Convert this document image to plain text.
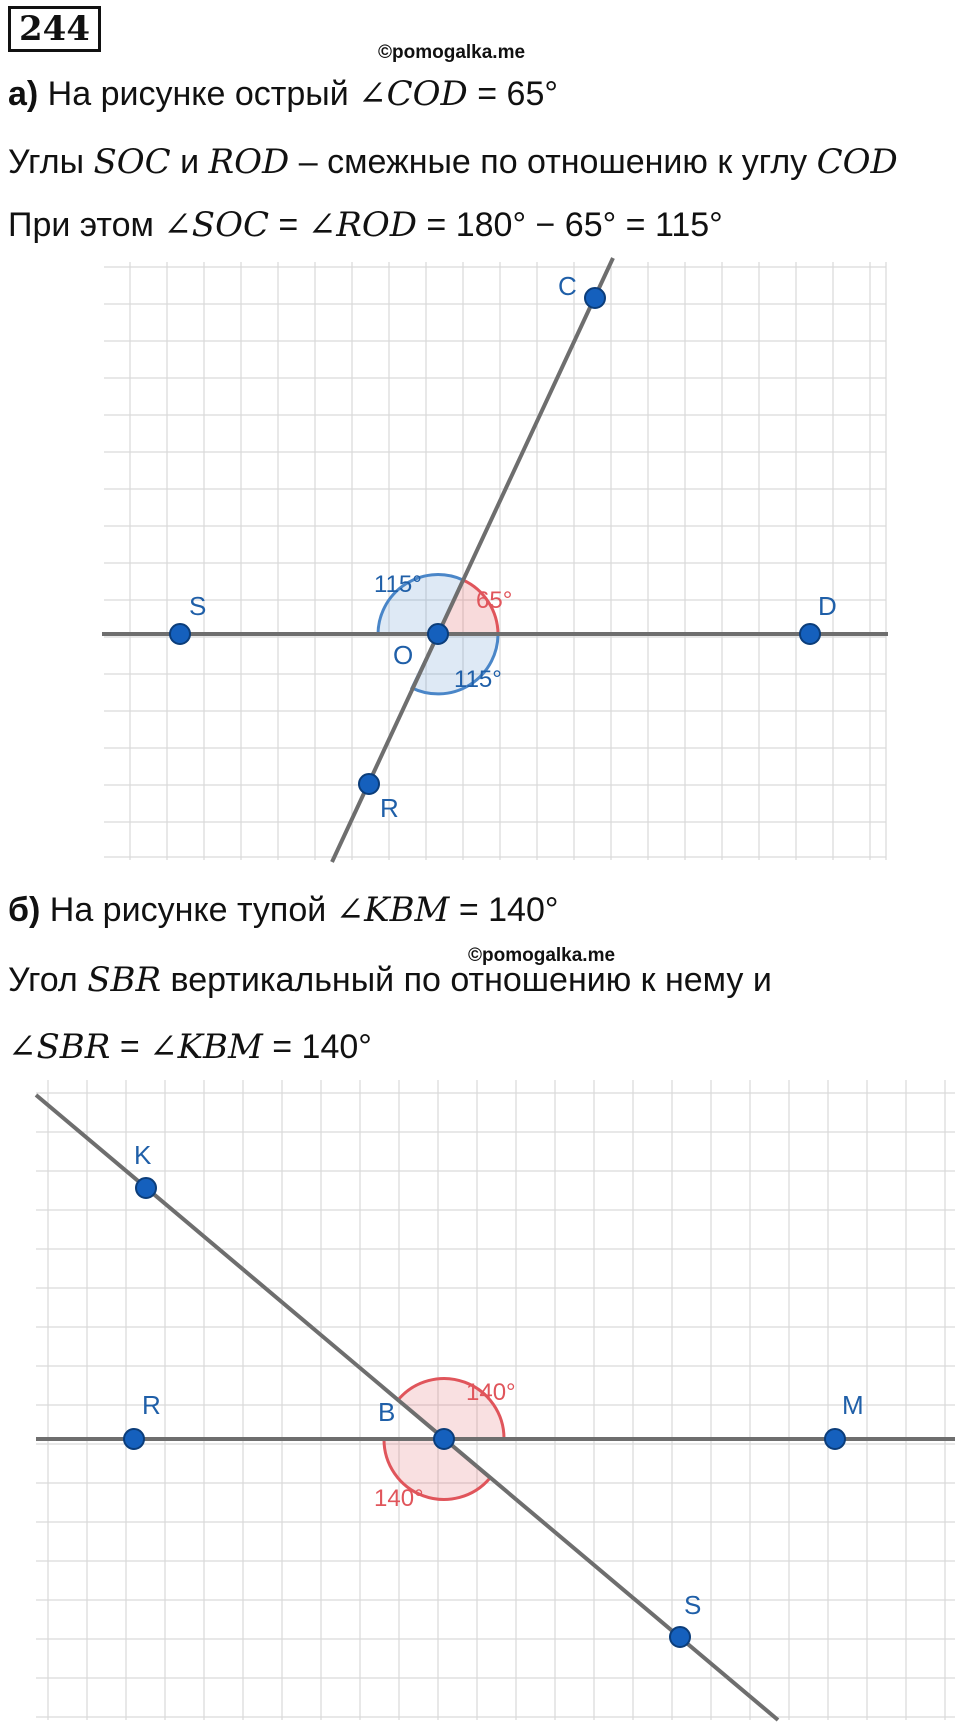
244
©pomogalka.me
а) На рисунке острый ∠COD = 65°
Углы SOC и ROD – смежные по отношению к углу COD
При этом ∠SOC = ∠ROD = 180° − 65° = 115°
C
S
O
D
R
115°
65°
115°
б) На рисунке тупой ∠KBM = 140°
©pomogalka.me
Угол SBR вертикальный по отношению к нему и
∠SBR = ∠KBM = 140°
K
R	B	M
S
140°
140°
